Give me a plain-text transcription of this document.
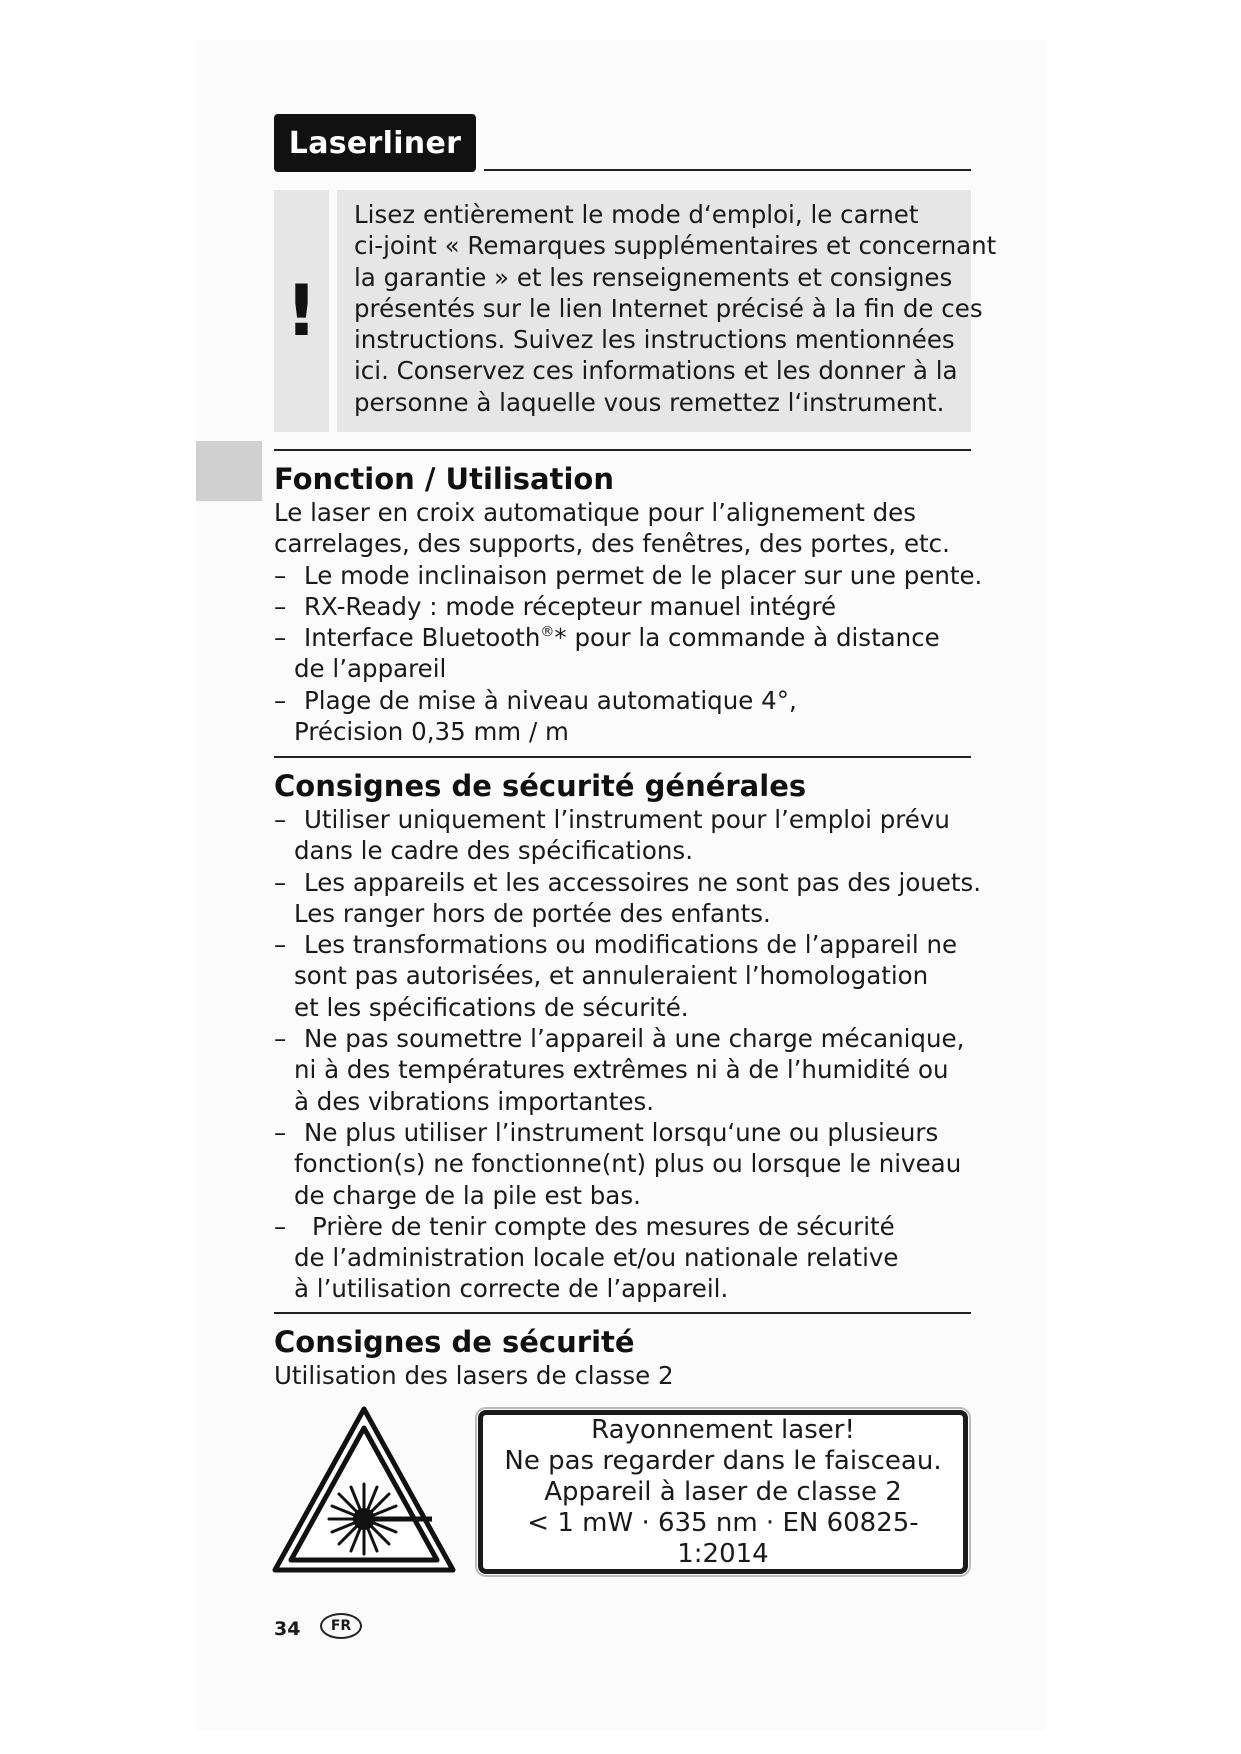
Laserliner
!
Lisez entièrement le mode d‘emploi, le carnet
ci-joint « Remarques supplémentaires et concernant
la garantie » et les renseignements et consignes
présentés sur le lien Internet précisé à la fin de ces
instructions. Suivez les instructions mentionnées
ici. Conservez ces informations et les donner à la
personne à laquelle vous remettez l‘instrument.
Fonction / Utilisation
Le laser en croix automatique pour l’alignement des
carrelages, des supports, des fenêtres, des portes, etc.
– Le mode inclinaison permet de le placer sur une pente.
– RX-Ready : mode récepteur manuel intégré
– Interface Bluetooth®* pour la commande à distance
de l’appareil
– Plage de mise à niveau automatique 4°,
Précision 0,35 mm / m
Consignes de sécurité générales
– Utiliser uniquement l’instrument pour l’emploi prévu
dans le cadre des spécifications.
– Les appareils et les accessoires ne sont pas des jouets.
Les ranger hors de portée des enfants.
– Les transformations ou modifications de l’appareil ne
sont pas autorisées, et annuleraient l’homologation
et les spécifications de sécurité.
– Ne pas soumettre l’appareil à une charge mécanique,
ni à des températures extrêmes ni à de l’humidité ou
à des vibrations importantes.
– Ne plus utiliser l’instrument lorsqu‘une ou plusieurs
fonction(s) ne fonctionne(nt) plus ou lorsque le niveau
de charge de la pile est bas.
– Prière de tenir compte des mesures de sécurité
de l’administration locale et/ou nationale relative
à l’utilisation correcte de l’appareil.
Consignes de sécurité
Utilisation des lasers de classe 2
Rayonnement laser!
Ne pas regarder dans le faisceau.
Appareil à laser de classe 2
< 1 mW · 635 nm · EN 60825-1:2014
34	FR
